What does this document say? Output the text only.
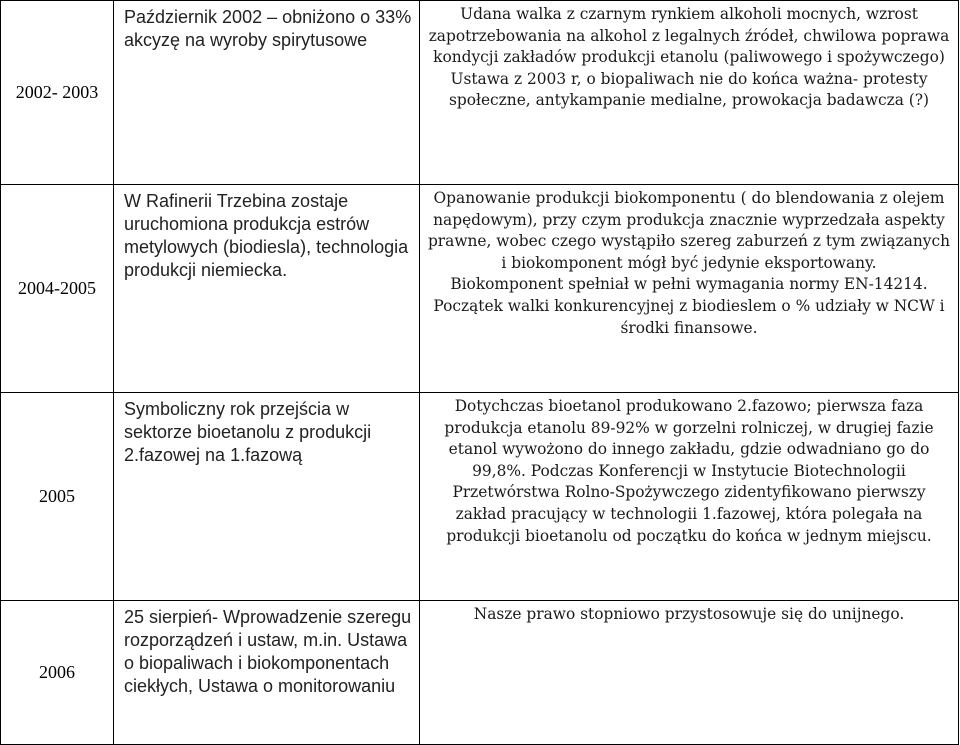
2002- 2003	Październik 2002 – obniżono o 33% akcyzę na wyroby spirytusowe	Udana walka z czarnym rynkiem alkoholi mocnych, wzrost zapotrzebowania na alkohol z legalnych źródeł, chwilowa poprawa kondycji zakładów produkcji etanolu (paliwowego i spożywczego)

Ustawa z 2003 r, o biopaliwach nie do końca ważna- protesty społeczne, antykampanie medialne, prowokacja badawcza (?)

2004-2005	W Rafinerii Trzebina zostaje uruchomiona produkcja estrów metylowych (biodiesla), technologia produkcji niemiecka.	Opanowanie produkcji biokomponentu ( do blendowania z olejem napędowym), przy czym produkcja znacznie wyprzedzała aspekty prawne, wobec czego wystąpiło szereg zaburzeń z tym związanych i biokomponent mógł być jedynie eksportowany.

Biokomponent spełniał w pełni wymagania normy EN-14214. Początek walki konkurencyjnej z biodieslem o % udziały w NCW i środki finansowe.

2005	Symboliczny rok przejścia w sektorze bioetanolu z produkcji 2.fazowej na 1.fazową	Dotychczas bioetanol produkowano 2.fazowo; pierwsza faza produkcja etanolu 89-92% w gorzelni rolniczej, w drugiej fazie etanol wywożono do innego zakładu, gdzie odwadniano go do 99,8%. Podczas Konferencji w Instytucie Biotechnologii Przetwórstwa Rolno-Spożywczego zidentyfikowano pierwszy zakład pracujący w technologii 1.fazowej, która polegała na produkcji bioetanolu od początku do końca w jednym miejscu.

2006	25 sierpień- Wprowadzenie szeregu rozporządzeń i ustaw, m.in. Ustawa o biopaliwach i biokomponentach ciekłych, Ustawa o monitorowaniu	Nasze prawo stopniowo przystosowuje się do unijnego.
